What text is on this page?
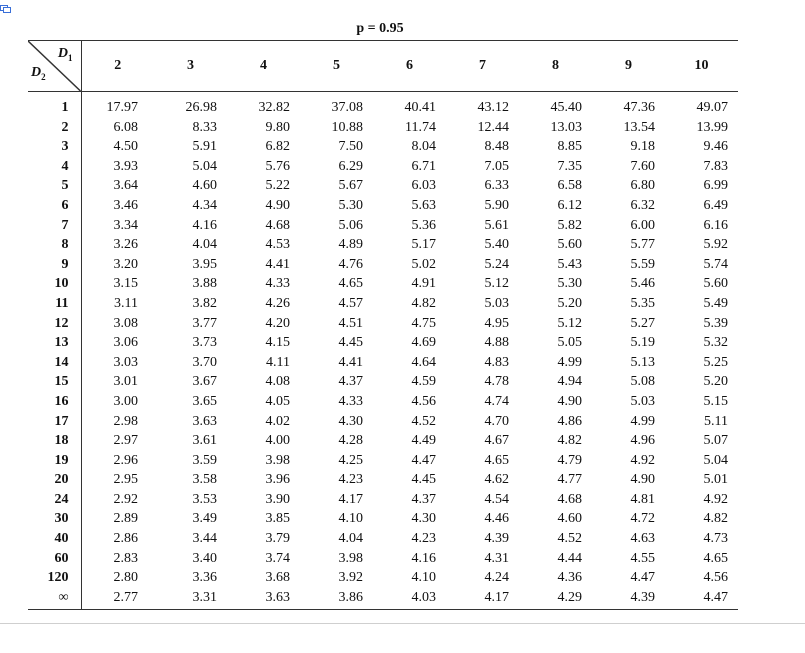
p = 0.95
$D_1$
$D_2$	2	3	4	5	6	7	8	9	10
1	17.97	26.98	32.82	37.08	40.41	43.12	45.40	47.36	49.07
2	6.08	8.33	9.80	10.88	11.74	12.44	13.03	13.54	13.99
3	4.50	5.91	6.82	7.50	8.04	8.48	8.85	9.18	9.46
4	3.93	5.04	5.76	6.29	6.71	7.05	7.35	7.60	7.83
5	3.64	4.60	5.22	5.67	6.03	6.33	6.58	6.80	6.99
6	3.46	4.34	4.90	5.30	5.63	5.90	6.12	6.32	6.49
7	3.34	4.16	4.68	5.06	5.36	5.61	5.82	6.00	6.16
8	3.26	4.04	4.53	4.89	5.17	5.40	5.60	5.77	5.92
9	3.20	3.95	4.41	4.76	5.02	5.24	5.43	5.59	5.74
10	3.15	3.88	4.33	4.65	4.91	5.12	5.30	5.46	5.60
11	3.11	3.82	4.26	4.57	4.82	5.03	5.20	5.35	5.49
12	3.08	3.77	4.20	4.51	4.75	4.95	5.12	5.27	5.39
13	3.06	3.73	4.15	4.45	4.69	4.88	5.05	5.19	5.32
14	3.03	3.70	4.11	4.41	4.64	4.83	4.99	5.13	5.25
15	3.01	3.67	4.08	4.37	4.59	4.78	4.94	5.08	5.20
16	3.00	3.65	4.05	4.33	4.56	4.74	4.90	5.03	5.15
17	2.98	3.63	4.02	4.30	4.52	4.70	4.86	4.99	5.11
18	2.97	3.61	4.00	4.28	4.49	4.67	4.82	4.96	5.07
19	2.96	3.59	3.98	4.25	4.47	4.65	4.79	4.92	5.04
20	2.95	3.58	3.96	4.23	4.45	4.62	4.77	4.90	5.01
24	2.92	3.53	3.90	4.17	4.37	4.54	4.68	4.81	4.92
30	2.89	3.49	3.85	4.10	4.30	4.46	4.60	4.72	4.82
40	2.86	3.44	3.79	4.04	4.23	4.39	4.52	4.63	4.73
60	2.83	3.40	3.74	3.98	4.16	4.31	4.44	4.55	4.65
120	2.80	3.36	3.68	3.92	4.10	4.24	4.36	4.47	4.56
∞	2.77	3.31	3.63	3.86	4.03	4.17	4.29	4.39	4.47
